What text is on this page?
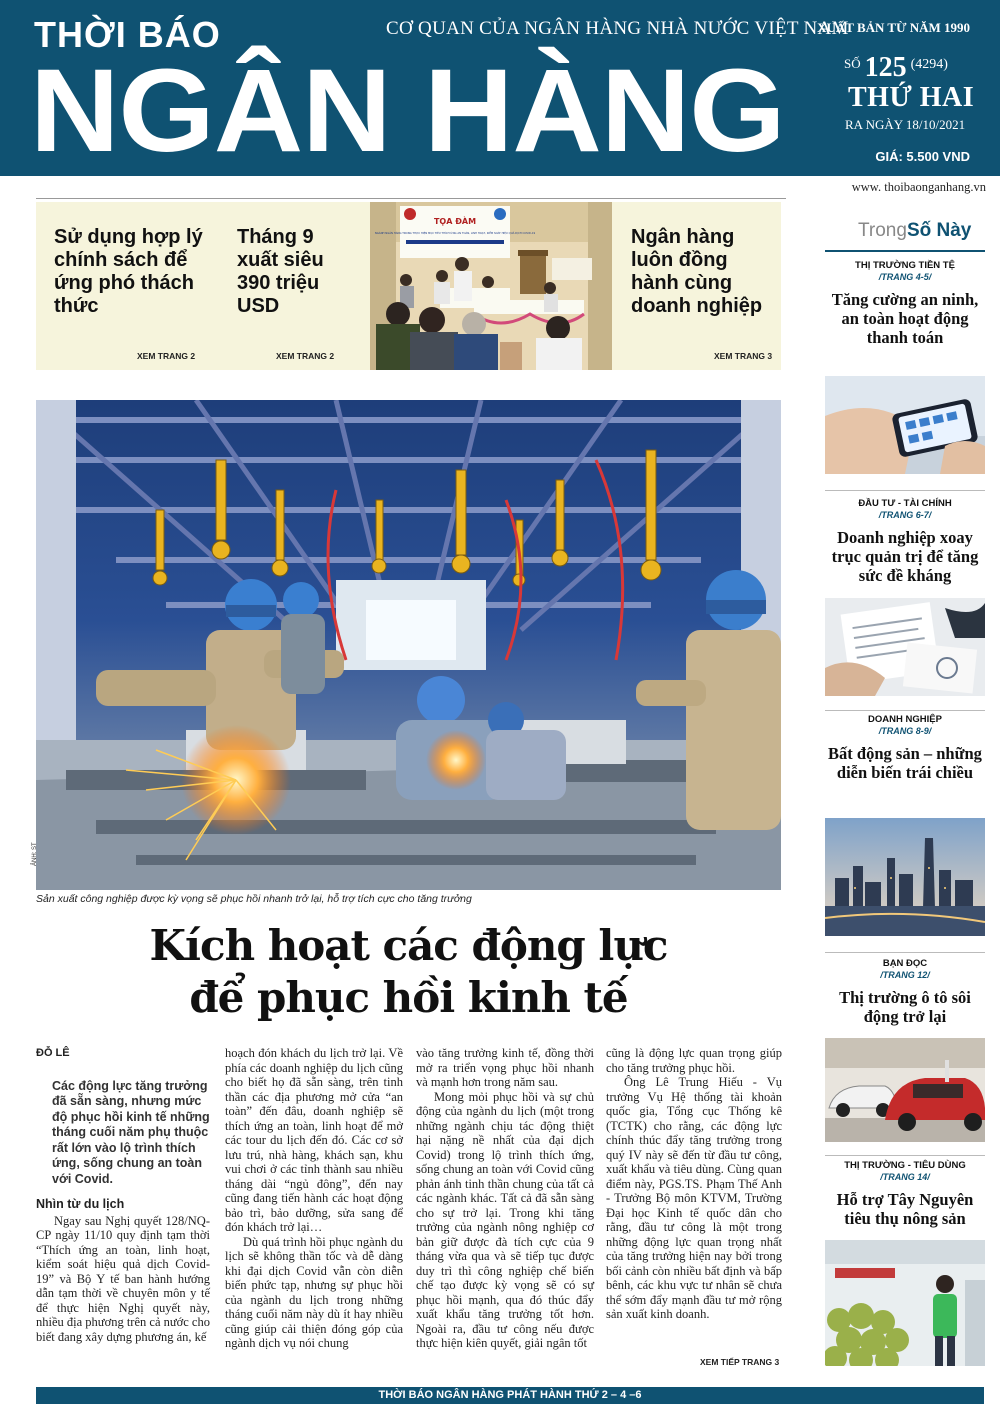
THỜI BÁO
NGÂN HÀNG
CƠ QUAN CỦA NGÂN HÀNG NHÀ NƯỚC VIỆT NAM
XUẤT BẢN TỪ NĂM 1990
$^{SỐ}$ 125 (4294)
THỨ HAI
RA NGÀY 18/10/2021
GIÁ: 5.500 VND
www. thoibaonganhang.vn
Sử dụng hợp lý chính sách để ứng phó thách thức
XEM TRANG 2
Tháng 9 xuất siêu 390 triệu USD
XEM TRANG 2
TỌA ĐÀM
NGÀNH NGÂN HÀNG TRONG THỰC HIỆN MỤC TIÊU THÍCH ỨNG AN TOÀN, LINH HOẠT, KIỂM SOÁT HIỆU QUẢ DỊCH COVID-19	Ngân hàng luôn đồng hành cùng doanh nghiệp
XEM TRANG 3
ẢNH: ST
Sản xuất công nghiệp được kỳ vọng sẽ phục hồi nhanh trở lại, hỗ trợ tích cực cho tăng trưởng
Kích hoạt các động lực
để phục hồi kinh tế
ĐỖ LÊ
Các động lực tăng trưởng đã sẵn sàng, nhưng mức độ phục hồi kinh tế những tháng cuối năm phụ thuộc rất lớn vào lộ trình thích ứng, sống chung an toàn với Covid.
Nhìn từ du lịch

Ngay sau Nghị quyết 128/NQ-CP ngày 11/10 quy định tạm thời “Thích ứng an toàn, linh hoạt, kiểm soát hiệu quả dịch Covid-19” và Bộ Y tế ban hành hướng dẫn tạm thời về chuyên môn y tế để thực hiện Nghị quyết này, nhiều địa phương trên cả nước cho biết đang xây dựng phương án, kế

hoạch đón khách du lịch trở lại. Về phía các doanh nghiệp du lịch cũng cho biết họ đã sẵn sàng, trên tinh thần các địa phương mở cửa “an toàn” đến đâu, doanh nghiệp sẽ thích ứng an toàn, linh hoạt để mở các tour du lịch đến đó. Các cơ sở lưu trú, nhà hàng, khách sạn, khu vui chơi ở các tỉnh thành sau nhiều tháng dài “ngủ đông”, đến nay cũng đang tiến hành các hoạt động bảo trì, bảo dưỡng, sửa sang để đón khách trở lại…

Dù quá trình hồi phục ngành du lịch sẽ không thần tốc và dễ dàng khi đại dịch Covid vẫn còn diễn biến phức tạp, nhưng sự phục hồi của ngành du lịch trong những tháng cuối năm này dù ít hay nhiều cũng giúp cải thiện đóng góp của ngành dịch vụ nói chung

vào tăng trưởng kinh tế, đồng thời mở ra triển vọng phục hồi nhanh và mạnh hơn trong năm sau.

Mong mỏi phục hồi và sự chủ động của ngành du lịch (một trong những ngành chịu tác động thiệt hại nặng nề nhất của đại dịch Covid) trong lộ trình thích ứng, sống chung an toàn với Covid cũng phản ánh tinh thần chung của tất cả các ngành khác. Tất cả đã sẵn sàng cho sự trở lại. Trong khi tăng trưởng của ngành nông nghiệp cơ bản giữ được đà tích cực của 9 tháng vừa qua và sẽ tiếp tục được duy trì thì công nghiệp chế biến chế tạo được kỳ vọng sẽ có sự phục hồi mạnh, qua đó thúc đẩy xuất khẩu tăng trưởng tốt hơn. Ngoài ra, đầu tư công nếu được thực hiện kiên quyết, giải ngân tốt

cũng là động lực quan trọng giúp cho tăng trưởng phục hồi.

Ông Lê Trung Hiếu - Vụ trưởng Vụ Hệ thống tài khoản quốc gia, Tổng cục Thống kê (TCTK) cho rằng, các động lực chính thúc đẩy tăng trưởng trong quý IV này sẽ đến từ đầu tư công, xuất khẩu và tiêu dùng. Cùng quan điểm này, PGS.TS. Phạm Thế Anh - Trưởng Bộ môn KTVM, Trường Đại học Kinh tế quốc dân cho rằng, đầu tư công là một trong những động lực quan trọng nhất của tăng trưởng hiện nay bởi trong bối cảnh còn nhiều bất định và bấp bênh, các khu vực tư nhân sẽ chưa thể sớm đẩy mạnh đầu tư mở rộng sản xuất kinh doanh.

XEM TIẾP TRANG 3
TrongSố Này
THỊ TRƯỜNG TIỀN TỆ
/TRANG 4-5/
Tăng cường an ninh, an toàn hoạt động thanh toán
ĐẦU TƯ - TÀI CHÍNH
/TRANG 6-7/
Doanh nghiệp xoay trục quản trị để tăng sức đề kháng
DOANH NGHIỆP
/TRANG 8-9/
Bất động sản – những diễn biến trái chiều
BẠN ĐỌC
/TRANG 12/
Thị trường ô tô sôi động trở lại
THỊ TRƯỜNG - TIÊU DÙNG
/TRANG 14/
Hỗ trợ Tây Nguyên tiêu thụ nông sản
THỜI BÁO NGÂN HÀNG PHÁT HÀNH THỨ 2 – 4 –6
